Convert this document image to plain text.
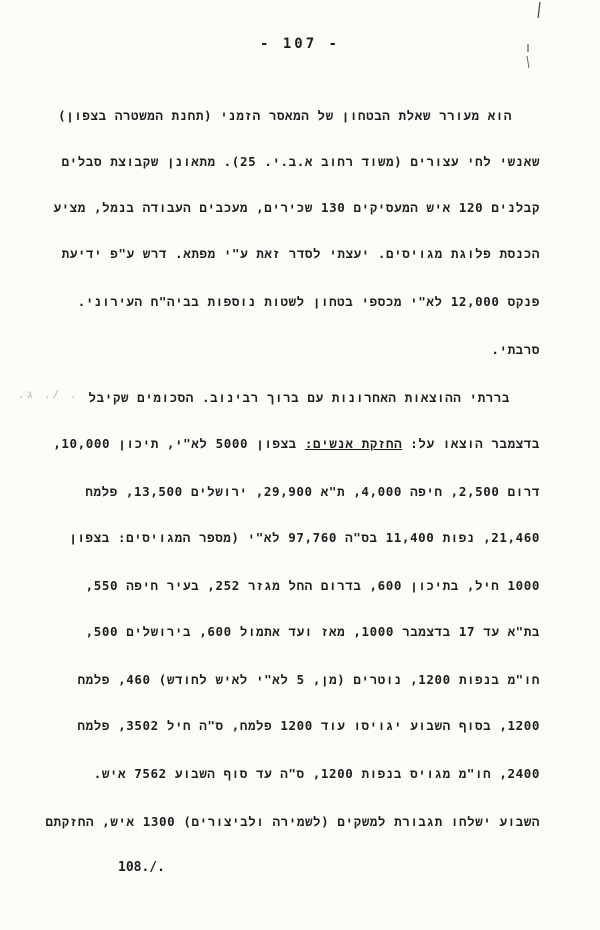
- 107 -
הוא מעורר שאלת הבטחון של המאסר הזמני (תחנת המשטרה בצפון)
שאנשי לחי עצורים (משוד רחוב א.ב.י. 25). מתאונן שקבוצת סבלים
קבלנים 120 איש המעסיקים 130 שכירים, מעכבים העבודה בנמל, מציע
הכנסת פלוגת מגויסים. יעצתי לסדר זאת ע"י מפתא. דרש ע"פ ידיעת
פנקס 12,000 לא"י מכספי בטחון לשטות נוספות בביה"ח העירוני.
סרבתי.
בררתי ההוצאות האחרונות עם ברוך רבינוב. הסכומים שקיבל
בדצמבר הוצאו על: החזקת אנשים: בצפון 5000 לא"י, תיכון 10,000,
דרום 2,500, חיפה 4,000, ת"א 29,900, ירושלים 13,500, פלמח
21,460, נפות 11,400 בס"ה 97,760 לא"י (מספר המגויסים: בצפון
1000 חיל, בתיכון 600, בדרום החל מגזר 252, בעיר חיפה 550,
בת"א עד 17 בדצמבר 1000, מאז ועד אתמול 600, בירושלים 500,
חו"מ בנפות 1200, נוטרים (מן, 5 לא"י לאיש לחודש) 460, פלמח
1200, בסוף השבוע יגויסו עוד 1200 פלמח, ס"ה חיל 3502, פלמח
2400, חו"מ מגויס בנפות 1200, ס"ה עד סוף השבוע 7562 איש.
השבוע ישלחו תגבורת למשקים (לשמירה ולביצורים) 1300 איש, החזקתם
.ג ./ .
108./.
